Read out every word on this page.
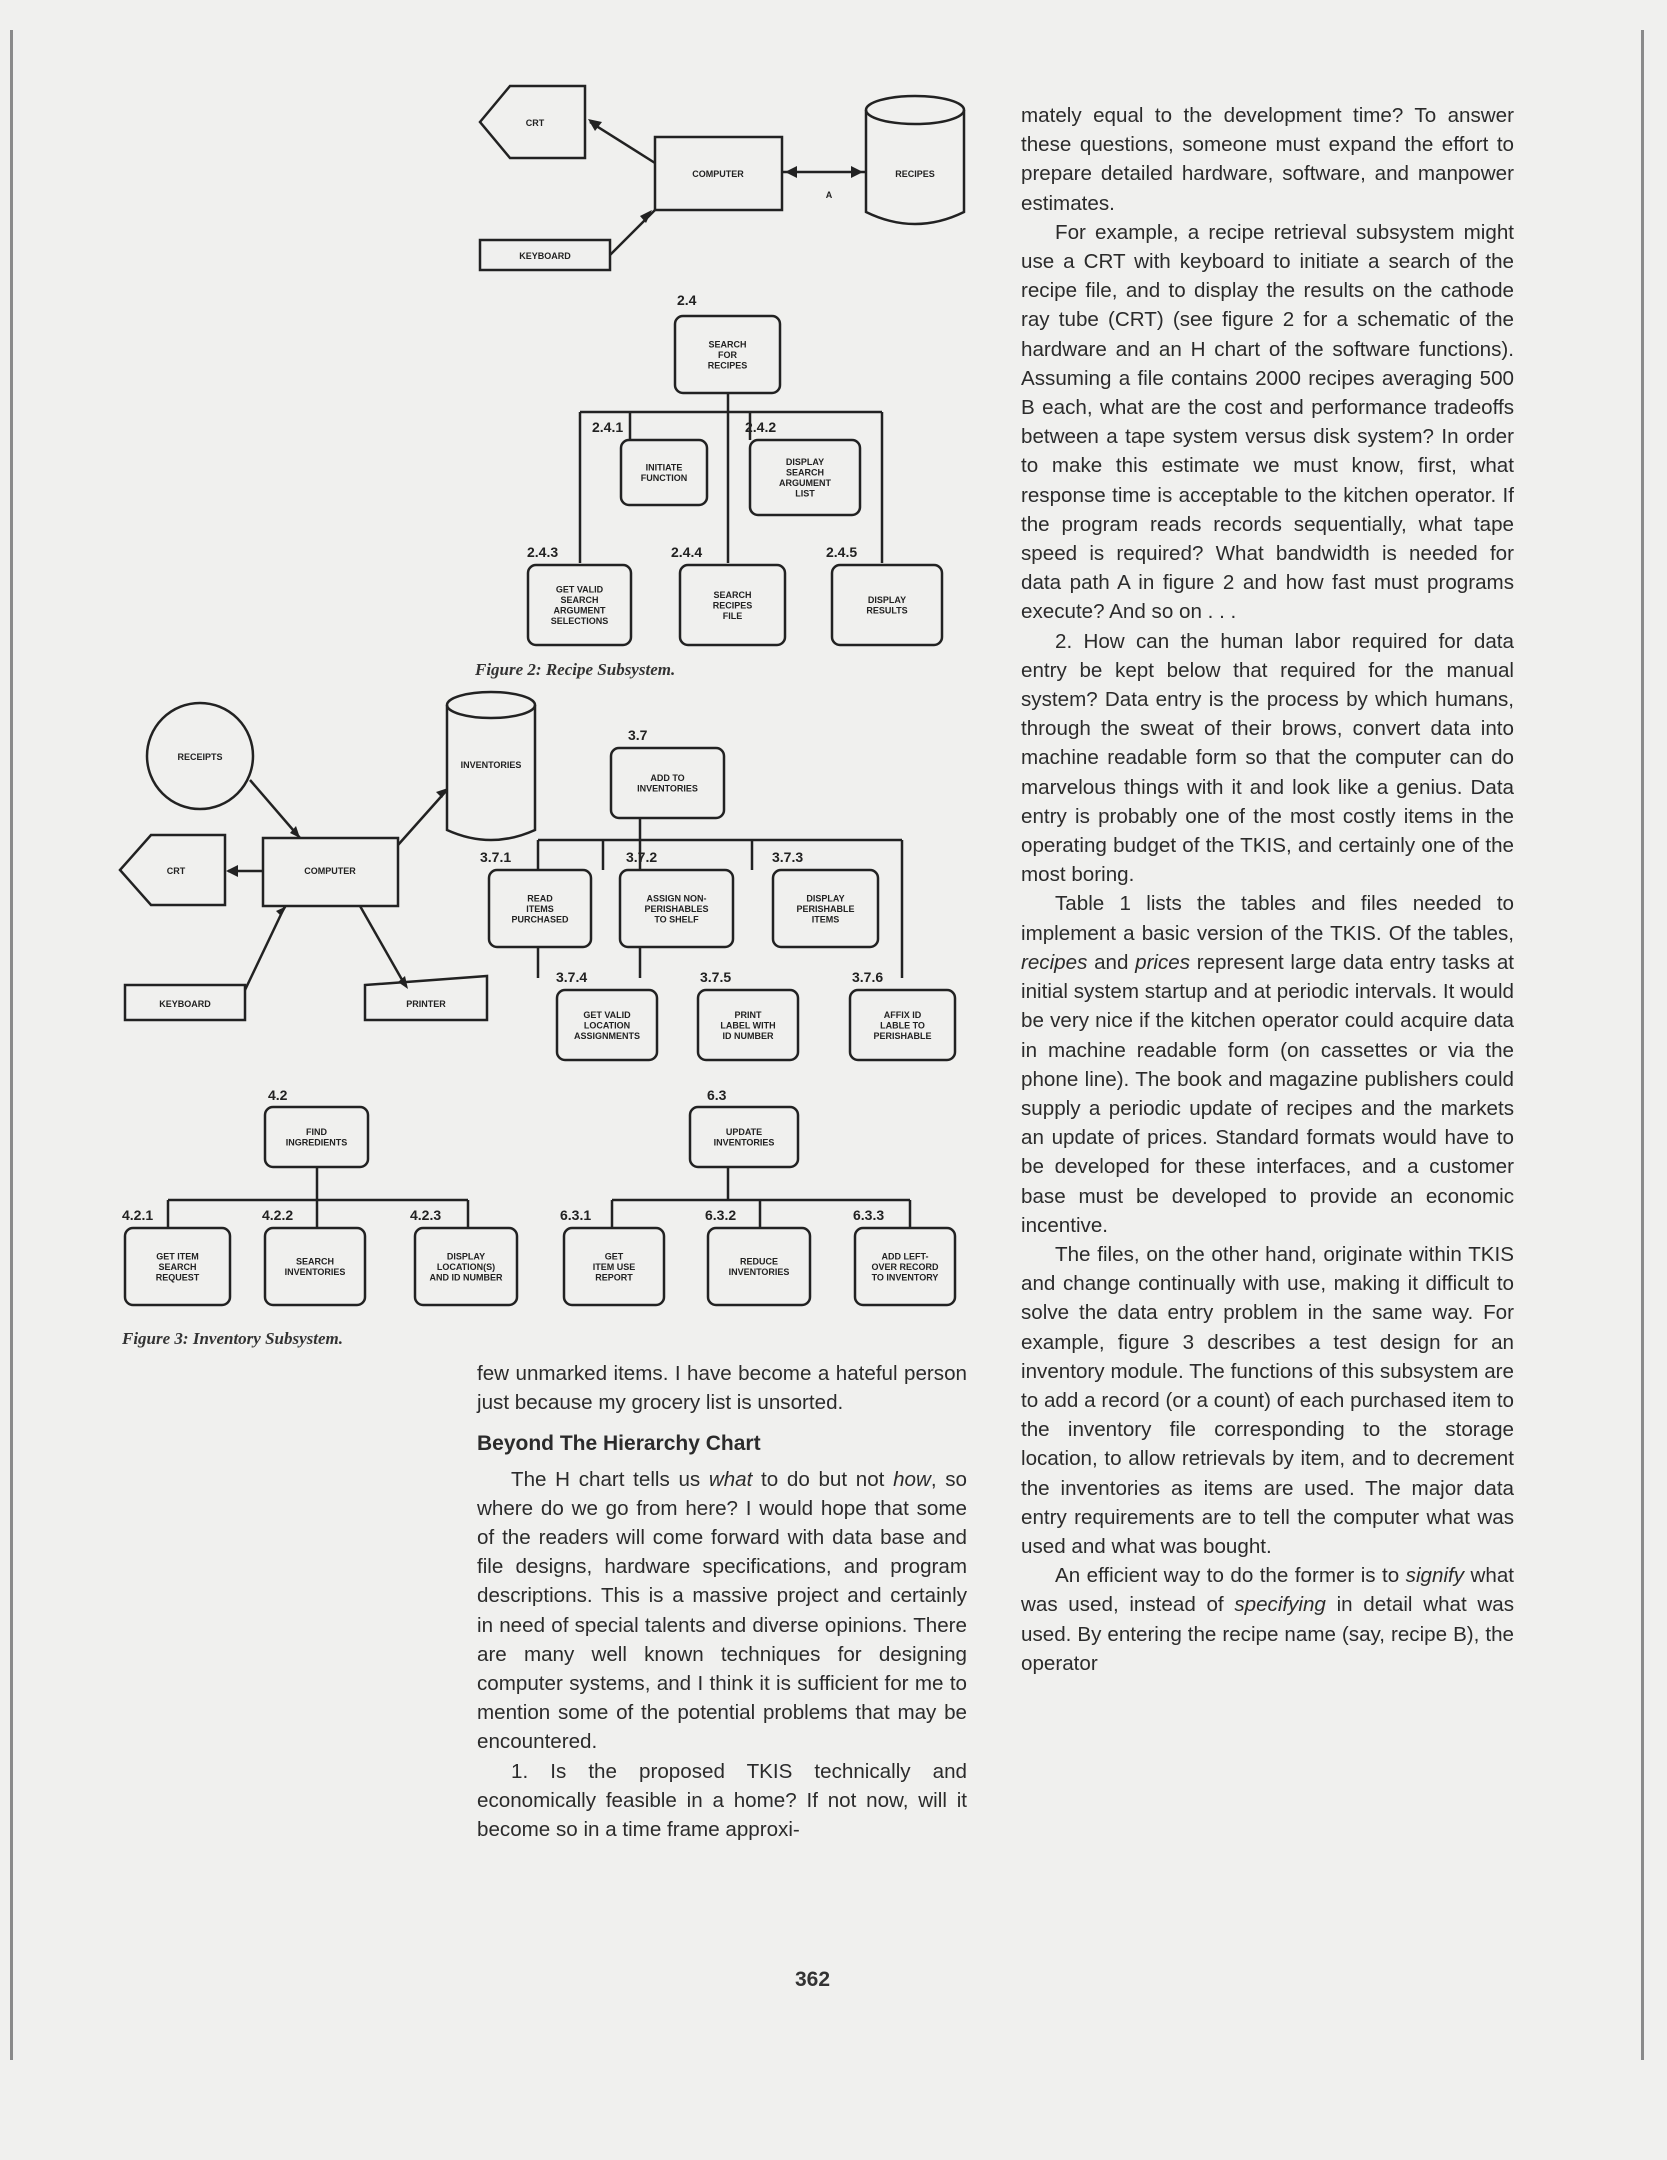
CRT
COMPUTER	RECIPES
KEYBOARD
A
RECEIPTS
INVENTORIES
CRT	COMPUTER
KEYBOARD	PRINTER
2.4
SEARCH FOR RECIPES
2.4.1
INITIATE FUNCTION
2.4.2
DISPLAY SEARCH ARGUMENT LIST
2.4.3
GET VALID SEARCH ARGUMENT SELECTIONS
2.4.4
SEARCH RECIPES FILE
2.4.5
DISPLAY RESULTS
3.7
ADD TO INVENTORIES
3.7.1
READ ITEMS PURCHASED
3.7.2
ASSIGN NON-PERISHABLES TO SHELF
3.7.3
DISPLAY PERISHABLE ITEMS
3.7.4
GET VALID LOCATION ASSIGNMENTS
3.7.5
PRINT LABEL WITH ID NUMBER
3.7.6
AFFIX ID LABLE TO PERISHABLE
4.2
FIND INGREDIENTS
4.2.1
GET ITEM SEARCH REQUEST
4.2.2
SEARCH INVENTORIES
4.2.3
DISPLAY LOCATION(S) AND ID NUMBER
6.3
UPDATE INVENTORIES
6.3.1
GET ITEM USE REPORT
6.3.2
REDUCE INVENTORIES
6.3.3
ADD LEFT-OVER RECORD TO INVENTORY
Figure 2: Recipe Subsystem.
Figure 3: Inventory Subsystem.

few unmarked items. I have become a hateful person just because my grocery list is unsorted.

Beyond The Hierarchy Chart

The H chart tells us what to do but not how, so where do we go from here? I would hope that some of the readers will come forward with data base and file designs, hardware specifications, and program descriptions. This is a massive project and certainly in need of special talents and diverse opinions. There are many well known techniques for designing computer systems, and I think it is sufficient for me to mention some of the potential problems that may be encountered.

1. Is the proposed TKIS technically and economically feasible in a home? If not now, will it become so in a time frame approxi-

mately equal to the development time? To answer these questions, someone must expand the effort to prepare detailed hardware, software, and manpower estimates.

For example, a recipe retrieval subsystem might use a CRT with keyboard to initiate a search of the recipe file, and to display the results on the cathode ray tube (CRT) (see figure 2 for a schematic of the hardware and an H chart of the software functions). Assuming a file contains 2000 recipes averaging 500 B each, what are the cost and performance tradeoffs between a tape system versus disk system? In order to make this estimate we must know, first, what response time is acceptable to the kitchen operator. If the program reads records sequentially, what tape speed is required? What bandwidth is needed for data path A in figure 2 and how fast must programs execute? And so on . . .

2. How can the human labor required for data entry be kept below that required for the manual system? Data entry is the process by which humans, through the sweat of their brows, convert data into machine readable form so that the computer can do marvelous things with it and look like a genius. Data entry is probably one of the most costly items in the operating budget of the TKIS, and certainly one of the most boring.

Table 1 lists the tables and files needed to implement a basic version of the TKIS. Of the tables, recipes and prices represent large data entry tasks at initial system startup and at periodic intervals. It would be very nice if the kitchen operator could acquire data in machine readable form (on cassettes or via the phone line). The book and magazine publishers could supply a periodic update of recipes and the markets an update of prices. Standard formats would have to be developed for these interfaces, and a customer base must be developed to provide an economic incentive.

The files, on the other hand, originate within TKIS and change continually with use, making it difficult to solve the data entry problem in the same way. For example, figure 3 describes a test design for an inventory module. The functions of this subsystem are to add a record (or a count) of each purchased item to the inventory file corresponding to the storage location, to allow retrievals by item, and to decrement the inventories as items are used. The major data entry requirements are to tell the computer what was used and what was bought.

An efficient way to do the former is to signify what was used, instead of specifying in detail what was used. By entering the recipe name (say, recipe B), the operator

362
